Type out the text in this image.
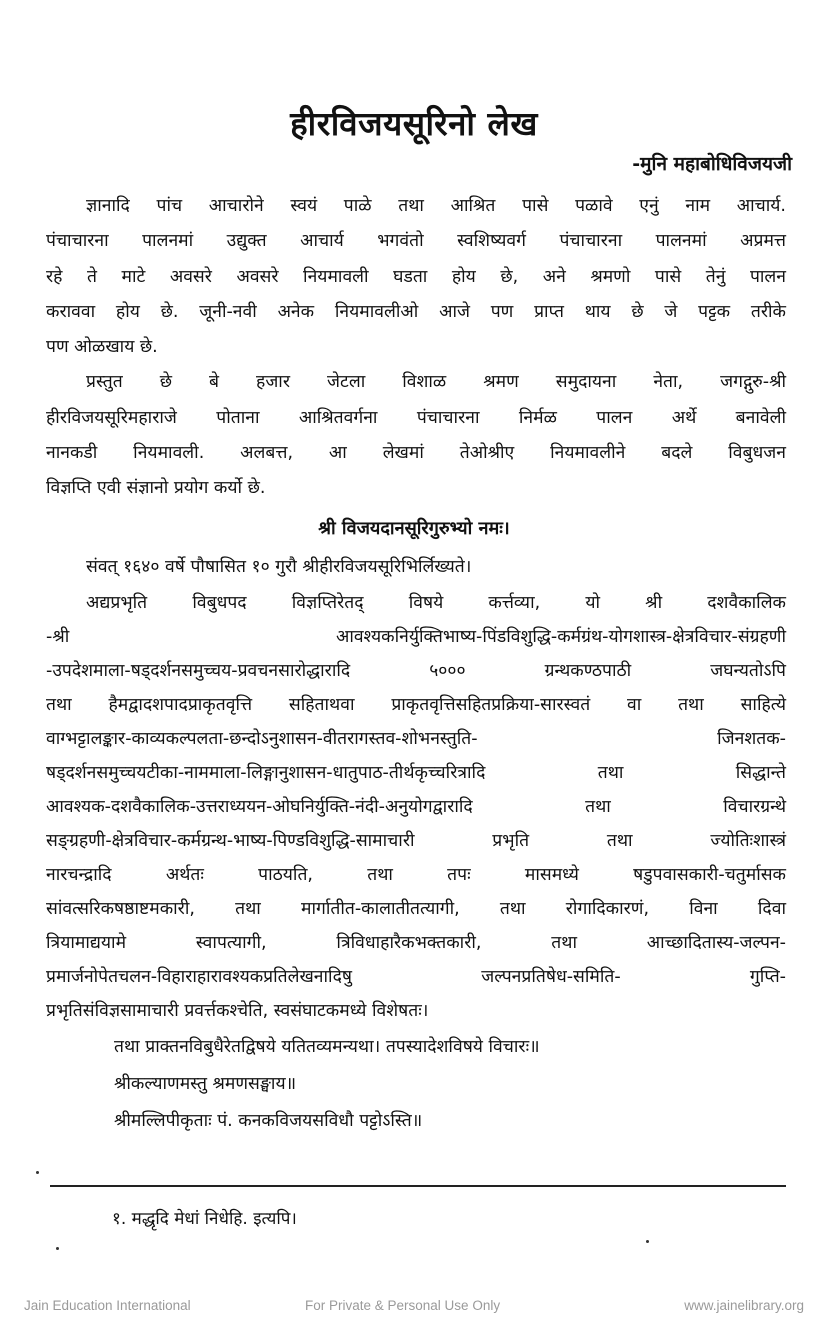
हीरविजयसूरिनो लेख
-मुनि महाबोधिविजयजी
ज्ञानादि पांच आचारोने स्वयं पाळे तथा आश्रित पासे पळावे एनुं नाम आचार्य.
पंचाचारना पालनमां उद्युक्त आचार्य भगवंतो स्वशिष्यवर्ग पंचाचारना पालनमां अप्रमत्त
रहे ते माटे अवसरे अवसरे नियमावली घडता होय छे, अने श्रमणो पासे तेनुं पालन
कराववा होय छे. जूनी-नवी अनेक नियमावलीओ आजे पण प्राप्त थाय छे जे पट्टक तरीके
पण ओळखाय छे.
प्रस्तुत छे बे हजार जेटला विशाळ श्रमण समुदायना नेता, जगद्गुरु-श्री
हीरविजयसूरिमहाराजे पोताना आश्रितवर्गना पंचाचारना निर्मळ पालन अर्थे बनावेली
नानकडी नियमावली. अलबत्त, आ लेखमां तेओश्रीए नियमावलीने बदले विबुधजन
विज्ञप्ति एवी संज्ञानो प्रयोग कर्यो छे.
श्री विजयदानसूरिगुरुभ्यो नमः।
संवत् १६४० वर्षे पौषासित १० गुरौ श्रीहीरविजयसूरिभिर्लिख्यते।
अद्यप्रभृति विबुधपद विज्ञप्तिरेतद् विषये कर्त्तव्या, यो श्री दशवैकालिक
-श्री आवश्यकनिर्युक्तिभाष्य-पिंडविशुद्धि-कर्मग्रंथ-योगशास्त्र-क्षेत्रविचार-संग्रहणी
-उपदेशमाला-षड्दर्शनसमुच्चय-प्रवचनसारोद्धारादि ५००० ग्रन्थकण्ठपाठी जघन्यतोऽपि
तथा हैमद्वादशपादप्राकृतवृत्ति सहिताथवा प्राकृतवृत्तिसहितप्रक्रिया-सारस्वतं वा तथा साहित्ये
वाग्भट्टालङ्कार-काव्यकल्पलता-छन्दोऽनुशासन-वीतरागस्तव-शोभनस्तुति- जिनशतक-
षड्दर्शनसमुच्चयटीका-नाममाला-लिङ्गानुशासन-धातुपाठ-तीर्थकृच्चरित्रादि तथा सिद्धान्ते
आवश्यक-दशवैकालिक-उत्तराध्ययन-ओघनिर्युक्ति-नंदी-अनुयोगद्वारादि तथा विचारग्रन्थे
सङ्ग्रहणी-क्षेत्रविचार-कर्मग्रन्थ-भाष्य-पिण्डविशुद्धि-सामाचारी प्रभृति तथा ज्योतिःशास्त्रं
नारचन्द्रादि अर्थतः पाठयति, तथा तपः मासमध्ये षडुपवासकारी-चतुर्मासक
सांवत्सरिकषष्ठाष्टमकारी, तथा मार्गातीत-कालातीतत्यागी, तथा रोगादिकारणं, विना दिवा
त्रियामाद्ययामे स्वापत्यागी, त्रिविधाहारैकभक्तकारी, तथा आच्छादितास्य-जल्पन-
प्रमार्जनोपेतचलन-विहाराहारावश्यकप्रतिलेखनादिषु जल्पनप्रतिषेध-समिति- गुप्ति-
प्रभृतिसंविज्ञसामाचारी प्रवर्त्तकश्चेति, स्वसंघाटकमध्ये विशेषतः।
तथा प्राक्तनविबुधैरेतद्विषये यतितव्यमन्यथा। तपस्यादेशविषये विचारः॥
श्रीकल्याणमस्तु श्रमणसङ्घाय॥
श्रीमल्लिपीकृताः पं. कनकविजयसविधौ पट्टोऽस्ति॥
१. मद्धृदि मेधां निधेहि. इत्यपि।
Jain Education International	For Private & Personal Use Only	www.jainelibrary.org
